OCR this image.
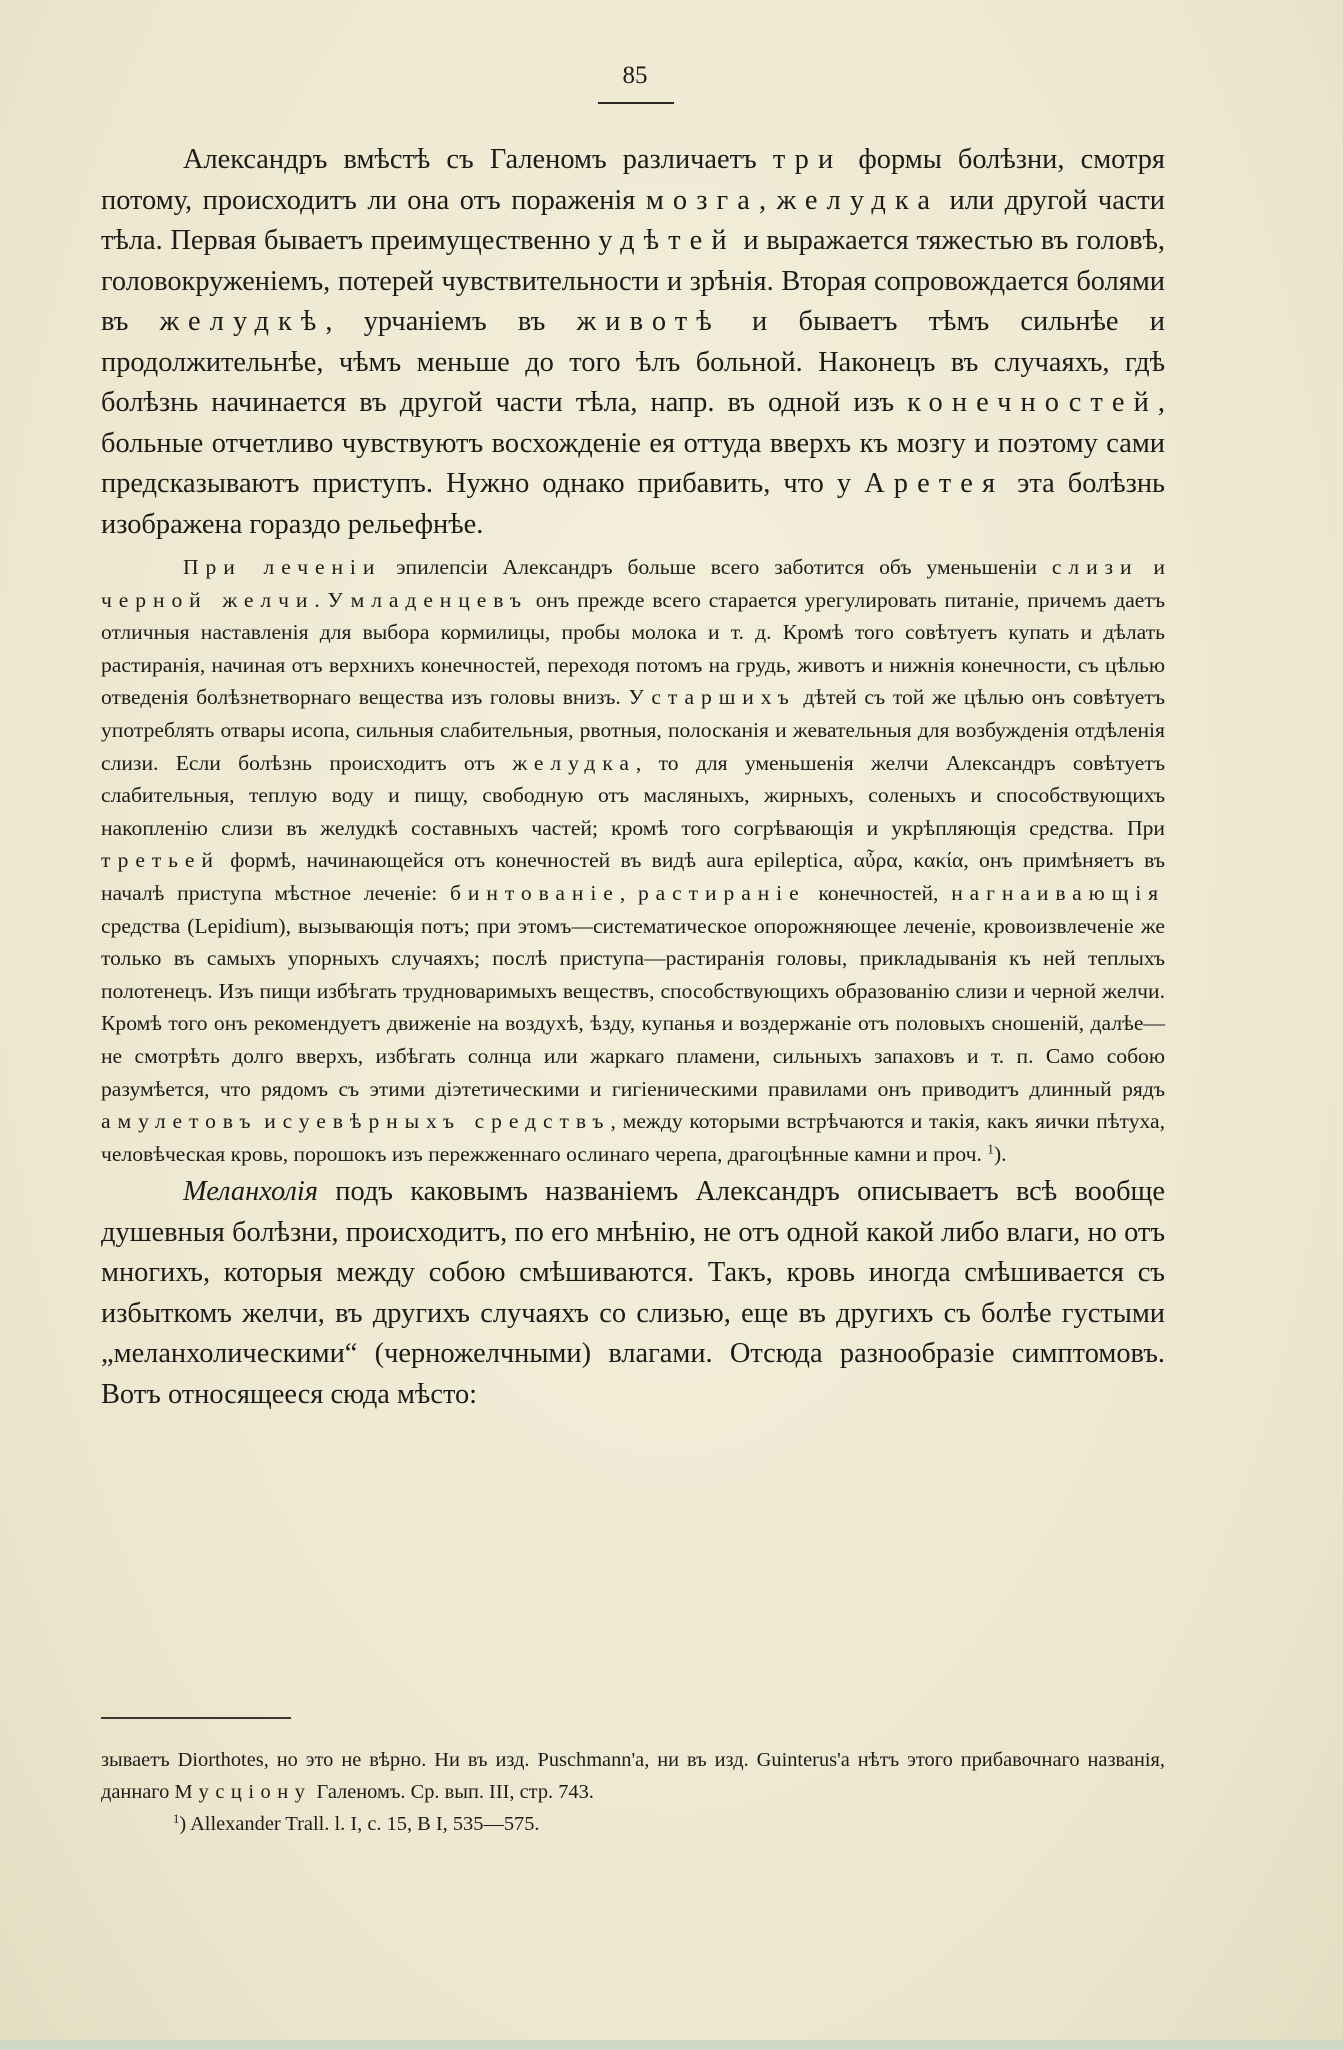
85

Александръ вмѣстѣ съ Галеномъ различаетъ три формы болѣзни, смотря потому, происходитъ ли она отъ пораженія мозга, желудка или другой части тѣла. Первая бываетъ преимущественно у дѣтей и выражается тяжестью въ головѣ, головокруженіемъ, потерей чувствительности и зрѣнія. Вторая сопровождается болями въ желудкѣ, урчаніемъ въ животѣ и бываетъ тѣмъ сильнѣе и продолжительнѣе, чѣмъ меньше до того ѣлъ больной. Наконецъ въ случаяхъ, гдѣ болѣзнь начинается въ другой части тѣла, напр. въ одной изъ конечностей, больные отчетливо чувствуютъ восхожденіе ея оттуда вверхъ къ мозгу и поэтому сами предсказываютъ приступъ. Нужно однако прибавить, что у Аретея эта болѣзнь изображена гораздо рельефнѣе.

При леченіи эпилепсіи Александръ больше всего заботится объ уменьшеніи слизи и черной желчи. У младенцевъ онъ прежде всего старается урегулировать питаніе, причемъ даетъ отличныя наставленія для выбора кормилицы, пробы молока и т. д. Кромѣ того совѣтуетъ купать и дѣлать растиранія, начиная отъ верхнихъ конечностей, переходя потомъ на грудь, животъ и нижнія конечности, съ цѣлью отведенія болѣзнетворнаго вещества изъ головы внизъ. У старшихъ дѣтей съ той же цѣлью онъ совѣтуетъ употреблять отвары исопа, сильныя слабительныя, рвотныя, полосканія и жевательныя для возбужденія отдѣленія слизи. Если болѣзнь происходитъ отъ желудка, то для уменьшенія желчи Александръ совѣтуетъ слабительныя, теплую воду и пищу, свободную отъ масляныхъ, жирныхъ, соленыхъ и способствующихъ накопленію слизи въ желудкѣ составныхъ частей; кромѣ того согрѣвающія и укрѣпляющія средства. При третьей формѣ, начинающейся отъ конечностей въ видѣ aura epileptica, αὖρα, κακία, онъ примѣняетъ въ началѣ приступа мѣстное леченіе: бинтованіе, растираніе конечностей, нагнаивающія средства (Lepidium), вызывающія потъ; при этомъ—систематическое опорожняющее леченіе, кровоизвлеченіе же только въ самыхъ упорныхъ случаяхъ; послѣ приступа—растиранія головы, прикладыванія къ ней теплыхъ полотенецъ. Изъ пищи избѣгать трудноваримыхъ веществъ, способствующихъ образованію слизи и черной желчи. Кромѣ того онъ рекомендуетъ движеніе на воздухѣ, ѣзду, купанья и воздержаніе отъ половыхъ сношеній, далѣе—не смотрѣть долго вверхъ, избѣгать солнца или жаркаго пламени, сильныхъ запаховъ и т. п. Само собою разумѣется, что рядомъ съ этими діэтетическими и гигіеническими правилами онъ приводитъ длинный рядъ амулетовъ и суевѣрныхъ средствъ, между которыми встрѣчаются и такія, какъ яички пѣтуха, человѣческая кровь, порошокъ изъ пережженнаго ослинаго черепа, драгоцѣнные камни и проч. $^1$).

Меланхолія подъ каковымъ названіемъ Александръ описываетъ всѣ вообще душевныя болѣзни, происходитъ, по его мнѣнію, не отъ одной какой либо влаги, но отъ многихъ, которыя между собою смѣшиваются. Такъ, кровь иногда смѣшивается съ избыткомъ желчи, въ другихъ случаяхъ со слизью, еще въ другихъ съ болѣе густыми „меланхолическими“ (черножелчными) влагами. Отсюда разнообразіе симптомовъ. Вотъ относящееся сюда мѣсто:

зываетъ Diorthotes, но это не вѣрно. Ни въ изд. Puschmann'а, ни въ изд. Guinterus'а нѣтъ этого прибавочнаго названія, даннаго Мусціону Галеномъ. Ср. вып. III, стр. 743.

$^1$) Allexander Trall. l. I, c. 15, B I, 535—575.
